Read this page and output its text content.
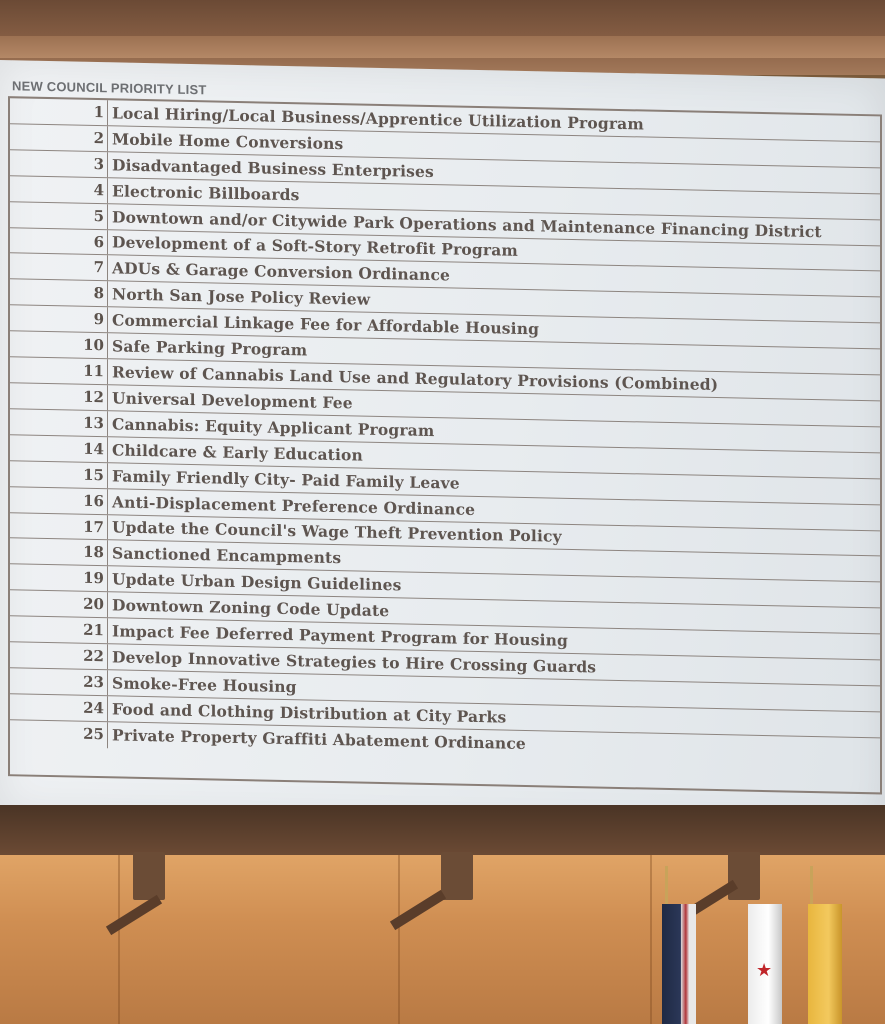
NEW COUNCIL PRIORITY LIST
1 Local Hiring/Local Business/Apprentice Utilization Program
2 Mobile Home Conversions
3 Disadvantaged Business Enterprises
4 Electronic Billboards
5 Downtown and/or Citywide Park Operations and Maintenance Financing District
6 Development of a Soft-Story Retrofit Program
7 ADUs & Garage Conversion Ordinance
8 North San Jose Policy Review
9 Commercial Linkage Fee for Affordable Housing
10 Safe Parking Program
11 Review of Cannabis Land Use and Regulatory Provisions (Combined)
12 Universal Development Fee
13 Cannabis: Equity Applicant Program
14 Childcare & Early Education
15 Family Friendly City- Paid Family Leave
16 Anti-Displacement Preference Ordinance
17 Update the Council's Wage Theft Prevention Policy
18 Sanctioned Encampments
19 Update Urban Design Guidelines
20 Downtown Zoning Code Update
21 Impact Fee Deferred Payment Program for Housing
22 Develop Innovative Strategies to Hire Crossing Guards
23 Smoke-Free Housing
24 Food and Clothing Distribution at City Parks
25 Private Property Graffiti Abatement Ordinance
★
